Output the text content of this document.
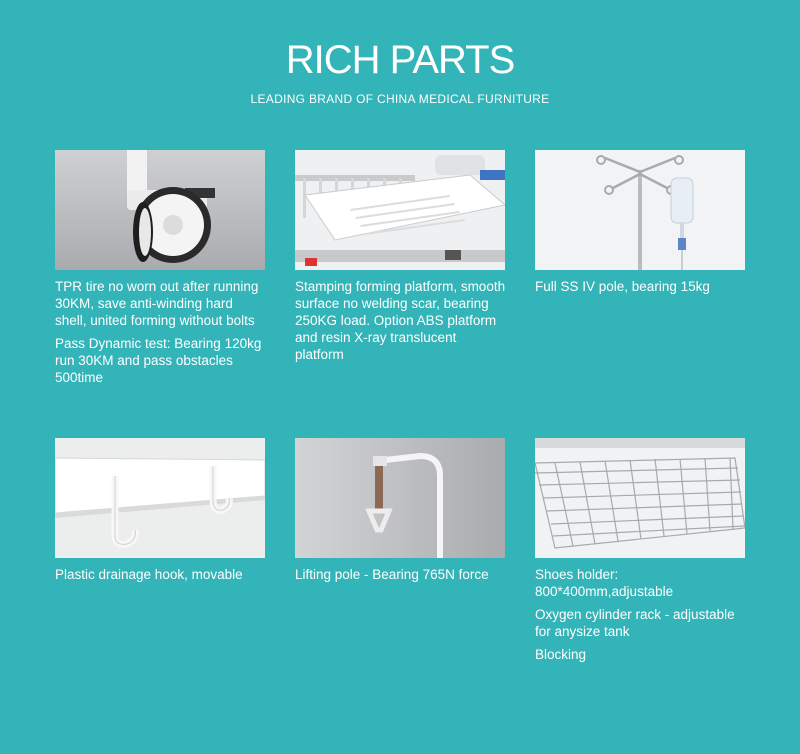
RICH PARTS
LEADING BRAND OF CHINA MEDICAL FURNITURE

TPR tire no worn out after running 30KM, save anti-winding hard shell, united forming without bolts

Pass Dynamic test: Bearing 120kg run 30KM and pass obstacles 500time

Stamping forming platform, smooth surface no welding scar, bearing 250KG load. Option ABS platform and resin X-ray translucent platform

Full SS IV pole, bearing 15kg

Plastic drainage hook, movable	Lifting pole - Bearing 765N force	Shoes holder: 800*400mm,adjustable

Oxygen cylinder rack - adjustable for anysize tank

Blocking
